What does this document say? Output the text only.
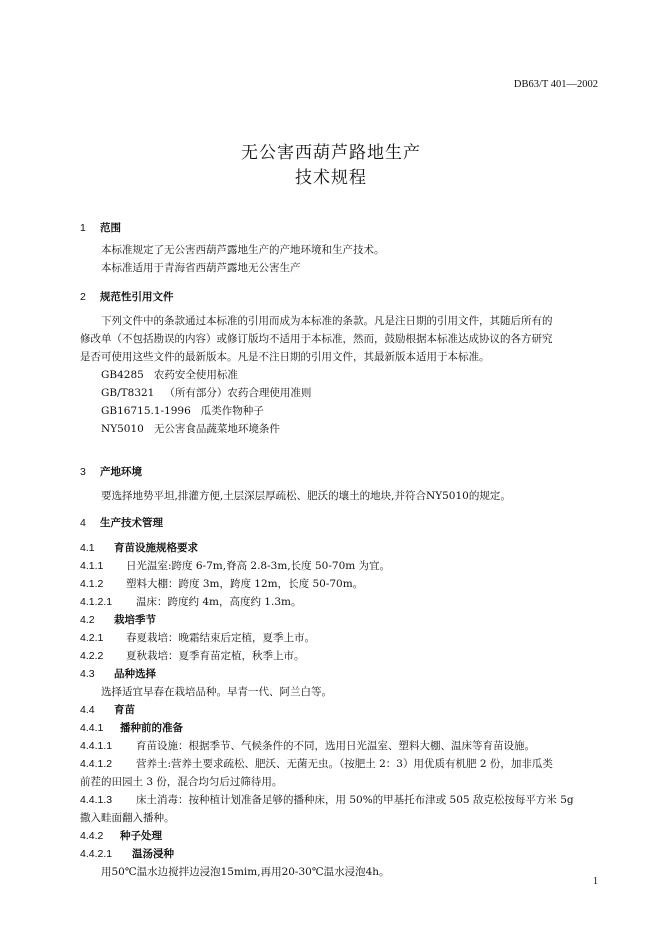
DB63/T 401—2002
无公害西葫芦路地生产
技术规程
1 范围
本标准规定了无公害西葫芦露地生产的产地环境和生产技术。
本标准适用于青海省西葫芦露地无公害生产
2 规范性引用文件
下列文件中的条款通过本标准的引用而成为本标准的条款。凡是注日期的引用文件，其随后所有的
修改单（不包括勘误的内容）或修订版均不适用于本标准，然而，鼓励根据本标准达成协议的各方研究
是否可使用这些文件的最新版本。凡是不注日期的引用文件，其最新版本适用于本标准。
GB4285   农药安全使用标准
GB/T8321   （所有部分）农药合理使用准则
GB16715.1-1996   瓜类作物种子
NY5010   无公害食品蔬菜地环境条件
3 产地环境
要选择地势平坦,排灌方便,土层深层厚疏松、肥沃的壤土的地块,并符合NY5010的规定。
4 生产技术管理
4.1 育苗设施规格要求
4.1.1 日光温室:跨度 6-7m,脊高 2.8-3m,长度 50-70m 为宜。
4.1.2 塑料大棚：跨度 3m，跨度 12m，长度 50-70m。
4.1.2.1 温床：跨度约 4m，高度约 1.3m。
4.2 栽培季节
4.2.1 春夏栽培：晚霜结束后定植，夏季上市。
4.2.2 夏秋栽培：夏季育苗定植，秋季上市。
4.3 品种选择
选择适宜早春在栽培品种。早青一代、阿兰白等。
4.4 育苗
4.4.1 播种前的准备
4.4.1.1 育苗设施：根据季节、气候条件的不同，选用日光温室、塑料大棚、温床等育苗设施。
4.4.1.2 营养土:营养土要求疏松、肥沃、无菌无虫。（按肥土 2：3）用优质有机肥 2 份，加非瓜类
前茬的田园土 3 份，混合均匀后过筛待用。
4.4.1.3 床土消毒：按种植计划准备足够的播种床，用 50%的甲基托布津或 505 敌克松按每平方米 5g
撒入畦面翻入播种。
4.4.2 种子处理
4.4.2.1 温汤浸种
用50℃温水边搅拌边浸泡15mim,再用20-30℃温水浸泡4h。
1
